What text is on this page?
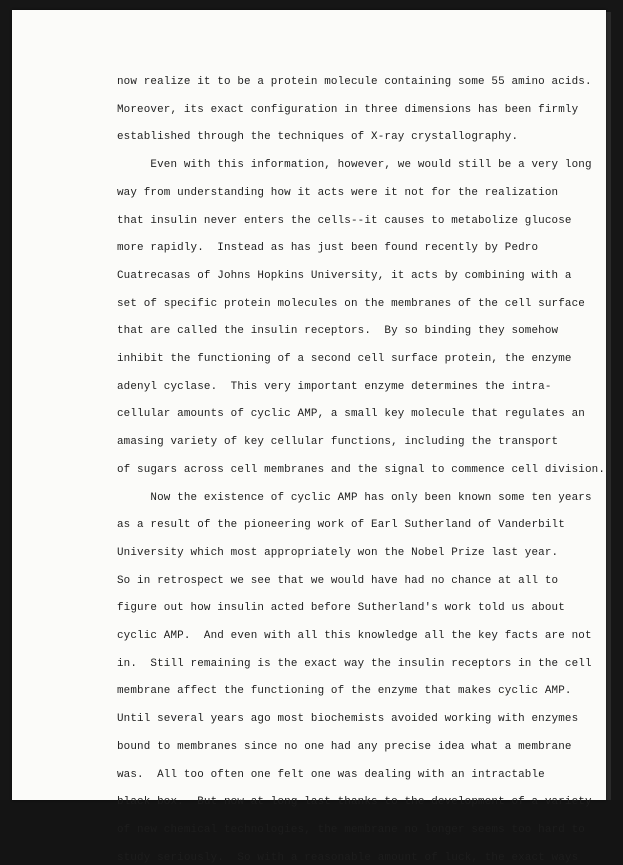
now realize it to be a protein molecule containing some 55 amino acids.
Moreover, its exact configuration in three dimensions has been firmly
established through the techniques of X-ray crystallography.
Even with this information, however, we would still be a very long
way from understanding how it acts were it not for the realization
that insulin never enters the cells--it causes to metabolize glucose
more rapidly.  Instead as has just been found recently by Pedro
Cuatrecasas of Johns Hopkins University, it acts by combining with a
set of specific protein molecules on the membranes of the cell surface
that are called the insulin receptors.  By so binding they somehow
inhibit the functioning of a second cell surface protein, the enzyme
adenyl cyclase.  This very important enzyme determines the intra-
cellular amounts of cyclic AMP, a small key molecule that regulates an
amasing variety of key cellular functions, including the transport
of sugars across cell membranes and the signal to commence cell division.
Now the existence of cyclic AMP has only been known some ten years
as a result of the pioneering work of Earl Sutherland of Vanderbilt
University which most appropriately won the Nobel Prize last year.
So in retrospect we see that we would have had no chance at all to
figure out how insulin acted before Sutherland's work told us about
cyclic AMP.  And even with all this knowledge all the key facts are not
in.  Still remaining is the exact way the insulin receptors in the cell
membrane affect the functioning of the enzyme that makes cyclic AMP.
Until several years ago most biochemists avoided working with enzymes
bound to membranes since no one had any precise idea what a membrane
was.  All too often one felt one was dealing with an intractable
black box.  But now at long last thanks to the development of a variety
of new chemical technologies, the membrane no longer seems too hard to
study seriously.  So with a reasonable amount of luck, the exact ways
